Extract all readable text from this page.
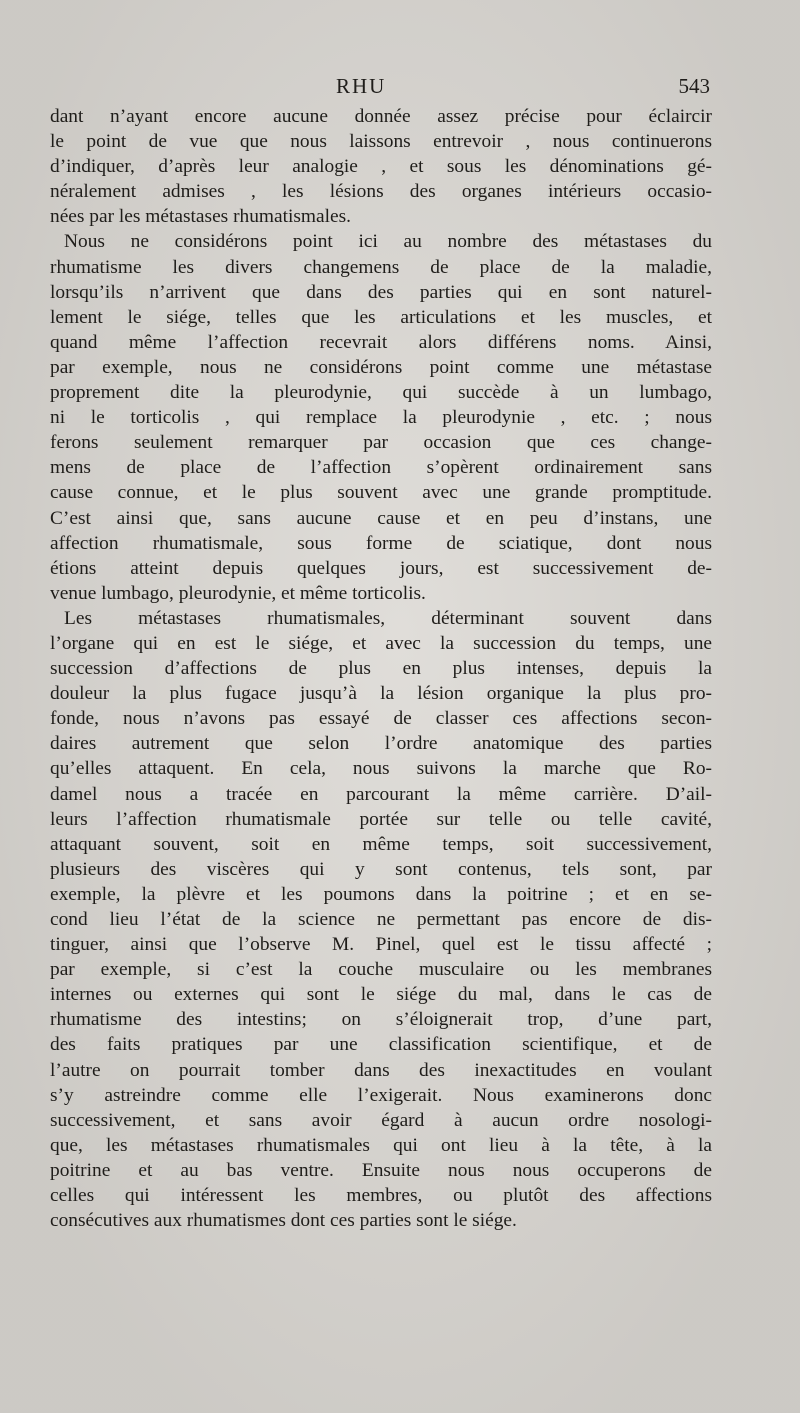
RHU	543
dant n’ayant encore aucune donnée assez précise pour éclaircir
le point de vue que nous laissons entrevoir , nous continuerons
d’indiquer, d’après leur analogie , et sous les dénominations gé-
néralement admises , les lésions des organes intérieurs occasio-
nées par les métastases rhumatismales.
Nous ne considérons point ici au nombre des métastases du
rhumatisme les divers changemens de place de la maladie,
lorsqu’ils n’arrivent que dans des parties qui en sont naturel-
lement le siége, telles que les articulations et les muscles, et
quand même l’affection recevrait alors différens noms. Ainsi,
par exemple, nous ne considérons point comme une métastase
proprement dite la pleurodynie, qui succède à un lumbago,
ni le torticolis , qui remplace la pleurodynie , etc. ; nous
ferons seulement remarquer par occasion que ces change-
mens de place de l’affection s’opèrent ordinairement sans
cause connue, et le plus souvent avec une grande promptitude.
C’est ainsi que, sans aucune cause et en peu d’instans, une
affection rhumatismale, sous forme de sciatique, dont nous
étions atteint depuis quelques jours, est successivement de-
venue lumbago, pleurodynie, et même torticolis.
Les métastases rhumatismales, déterminant souvent dans
l’organe qui en est le siége, et avec la succession du temps, une
succession d’affections de plus en plus intenses, depuis la
douleur la plus fugace jusqu’à la lésion organique la plus pro-
fonde, nous n’avons pas essayé de classer ces affections secon-
daires autrement que selon l’ordre anatomique des parties
qu’elles attaquent. En cela, nous suivons la marche que Ro-
damel nous a tracée en parcourant la même carrière. D’ail-
leurs l’affection rhumatismale portée sur telle ou telle cavité,
attaquant souvent, soit en même temps, soit successivement,
plusieurs des viscères qui y sont contenus, tels sont, par
exemple, la plèvre et les poumons dans la poitrine ; et en se-
cond lieu l’état de la science ne permettant pas encore de dis-
tinguer, ainsi que l’observe M. Pinel, quel est le tissu affecté ;
par exemple, si c’est la couche musculaire ou les membranes
internes ou externes qui sont le siége du mal, dans le cas de
rhumatisme des intestins; on s’éloignerait trop, d’une part,
des faits pratiques par une classification scientifique, et de
l’autre on pourrait tomber dans des inexactitudes en voulant
s’y astreindre comme elle l’exigerait. Nous examinerons donc
successivement, et sans avoir égard à aucun ordre nosologi-
que, les métastases rhumatismales qui ont lieu à la tête, à la
poitrine et au bas ventre. Ensuite nous nous occuperons de
celles qui intéressent les membres, ou plutôt des affections
consécutives aux rhumatismes dont ces parties sont le siége.
